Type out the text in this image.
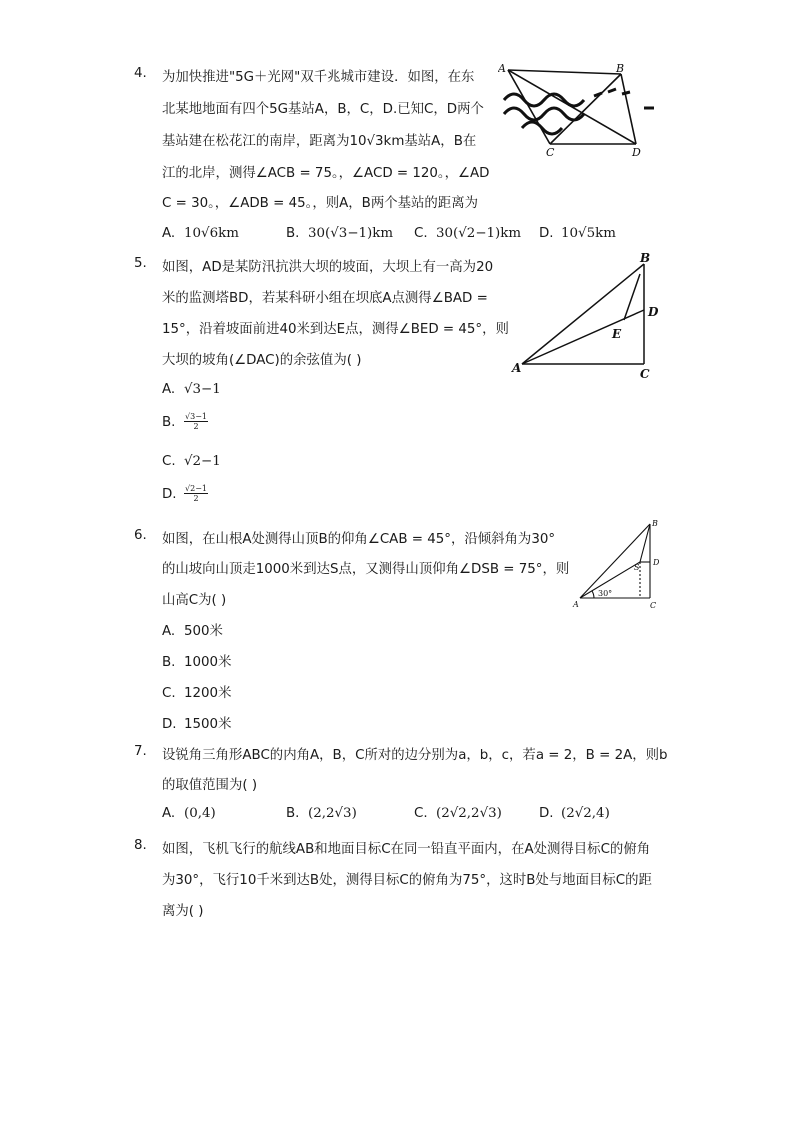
4.	为加快推进"5G＋光网"双千兆城市建设．如图，在东
北某地地面有四个5G基站A，B，C，D.已知C，D两个
基站建在松花江的南岸，距离为10√3km基站A，B在
江的北岸，测得∠ACB = 75。，∠ACD = 120。，∠AD
C = 30。，∠ADB = 45。，则A，B两个基站的距离为
A. 10√6km	B. 30(√3−1)km C. 30(√2−1)km D. 10√5km
A	B
C	D
5.	如图，AD是某防汛抗洪大坝的坡面，大坝上有一高为20
米的监测塔BD，若某科研小组在坝底A点测得∠BAD =
15°，沿着坡面前进40米到达E点，测得∠BED = 45°，则
大坝的坡角(∠DAC)的余弦值为( )
A. √3−1
B. $\frac{√3-1}{2}$
C. √2−1
D. $\frac{√2-1}{2}$
B
D
E
A	C
6.	如图，在山根A处测得山顶B的仰角∠CAB = 45°，沿倾斜角为30°
的山坡向山顶走1000米到达S点，又测得山顶仰角∠DSB = 75°，则
山高C为( )
A. 500米
B. 1000米
C. 1200米
D. 1500米
B
S
D
A
30°
C
7.	设锐角三角形ABC的内角A，B，C所对的边分别为a，b，c，若a = 2，B = 2A，则b
的取值范围为( )
A. (0,4)	B. (2,2√3)	C. (2√2,2√3)	D. (2√2,4)
8.	如图，飞机飞行的航线AB和地面目标C在同一铅直平面内，在A处测得目标C的俯角
为30°，飞行10千米到达B处，测得目标C的俯角为75°，这时B处与地面目标C的距
离为( )
